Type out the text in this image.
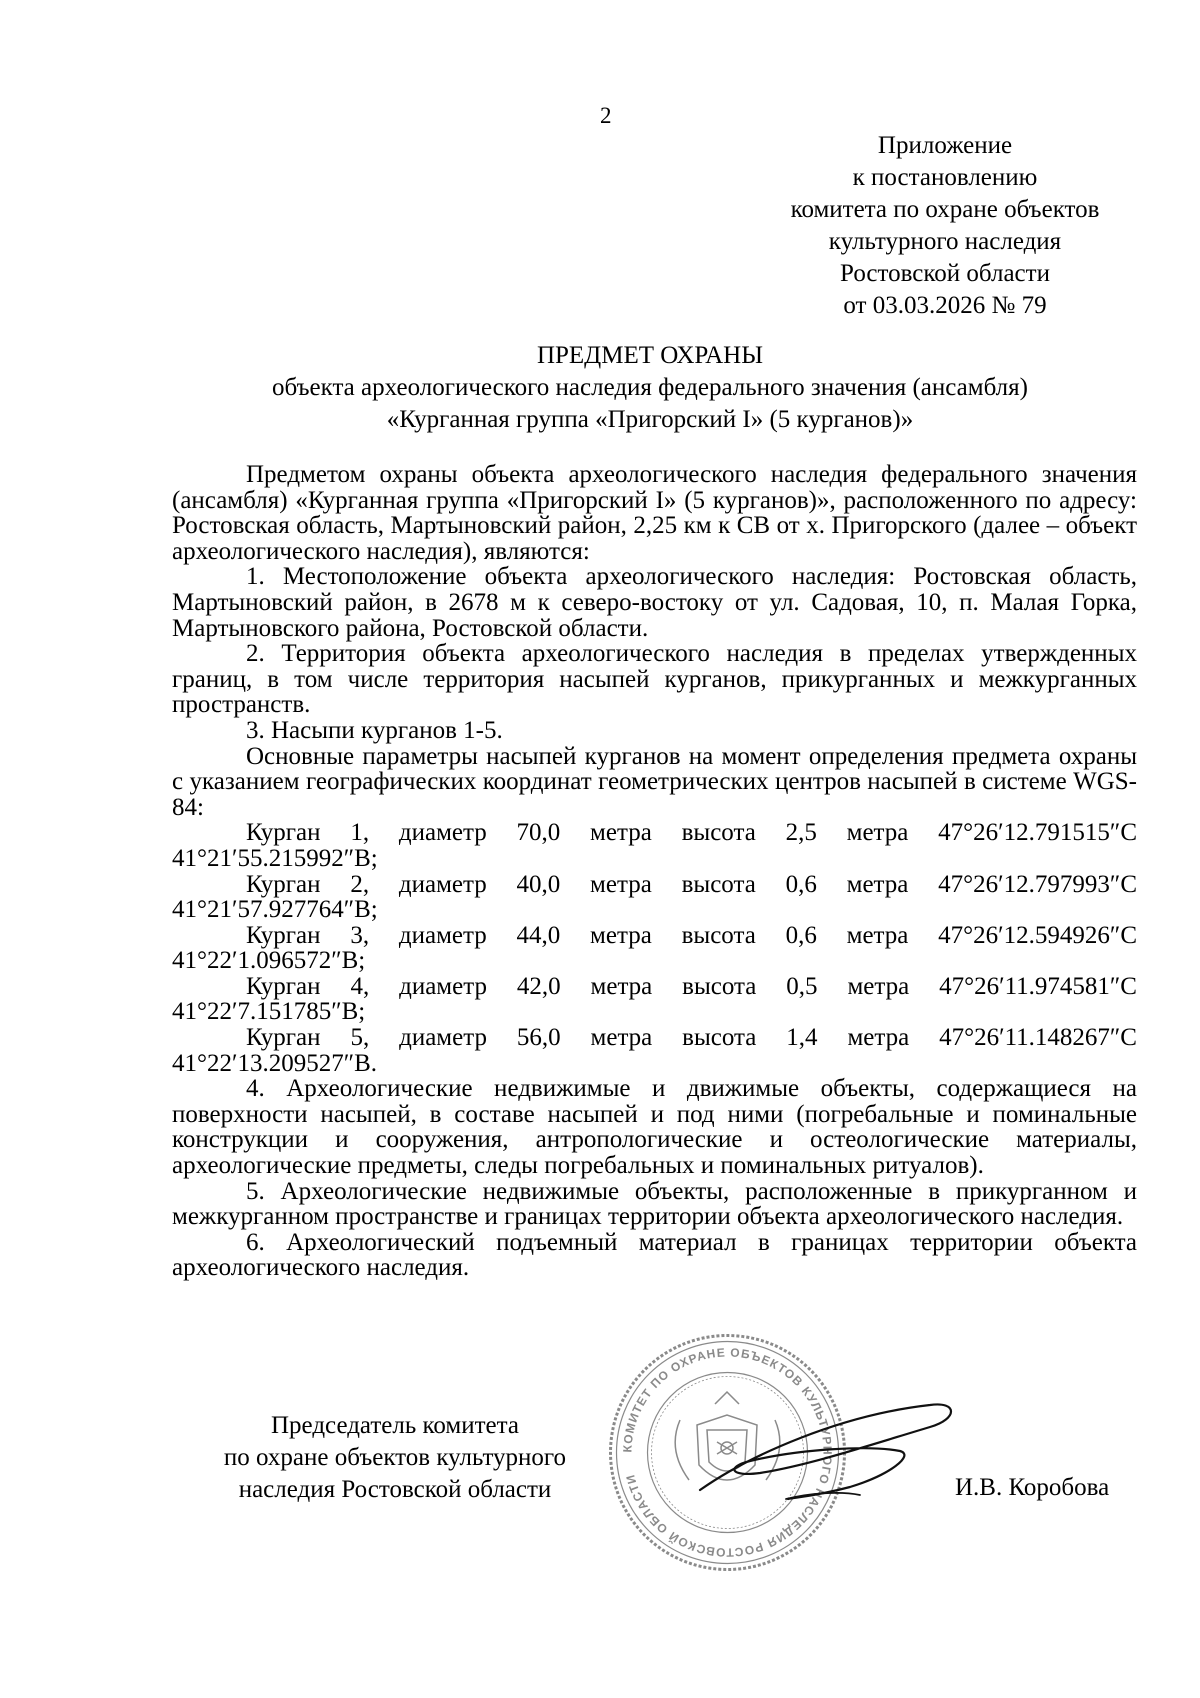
2
Приложение
к постановлению
комитета по охране объектов
культурного наследия
Ростовской области
от 03.03.2026 № 79
ПРЕДМЕТ ОХРАНЫ
объекта археологического наследия федерального значения (ансамбля)
«Курганная группа «Пригорский I» (5 курганов)»

Предметом охраны объекта археологического наследия федерального значения (ансамбля) «Курганная группа «Пригорский I» (5 курганов)», расположенного по адресу: Ростовская область, Мартыновский район, 2,25 км к СВ от х. Пригорского (далее – объект археологического наследия), являются:

1. Местоположение объекта археологического наследия: Ростовская область, Мартыновский район, в 2678 м к северо-востоку от ул. Садовая, 10, п. Малая Горка, Мартыновского района, Ростовской области.

2. Территория объекта археологического наследия в пределах утвержденных границ, в том числе территория насыпей курганов, прикурганных и межкурганных пространств.

3. Насыпи курганов 1-5.

Основные параметры насыпей курганов на момент определения предмета охраны с указанием географических координат геометрических центров насыпей в системе WGS-84:

Курган 1, диаметр 70,0 метра высота 2,5 метра 47°26′12.791515″С

41°21′55.215992″В;

Курган 2, диаметр 40,0 метра высота 0,6 метра 47°26′12.797993″С

41°21′57.927764″В;

Курган 3, диаметр 44,0 метра высота 0,6 метра 47°26′12.594926″С

41°22′1.096572″В;

Курган 4, диаметр 42,0 метра высота 0,5 метра 47°26′11.974581″С

41°22′7.151785″В;

Курган 5, диаметр 56,0 метра высота 1,4 метра 47°26′11.148267″С

41°22′13.209527″В.

4. Археологические недвижимые и движимые объекты, содержащиеся на поверхности насыпей, в составе насыпей и под ними (погребальные и поминальные конструкции и сооружения, антропологические и остеологические материалы, археологические предметы, следы погребальных и поминальных ритуалов).

5. Археологические недвижимые объекты, расположенные в прикурганном и межкурганном пространстве и границах территории объекта археологического наследия.

6. Археологический подъемный материал в границах территории объекта археологического наследия.

Председатель комитета
по охране объектов культурного
наследия Ростовской области
КОМИТЕТ ПО ОХРАНЕ ОБЪЕКТОВ КУЛЬТУРНОГО НАСЛЕДИЯ РОСТОВСКОЙ ОБЛАСТИ	И.В. Коробова
